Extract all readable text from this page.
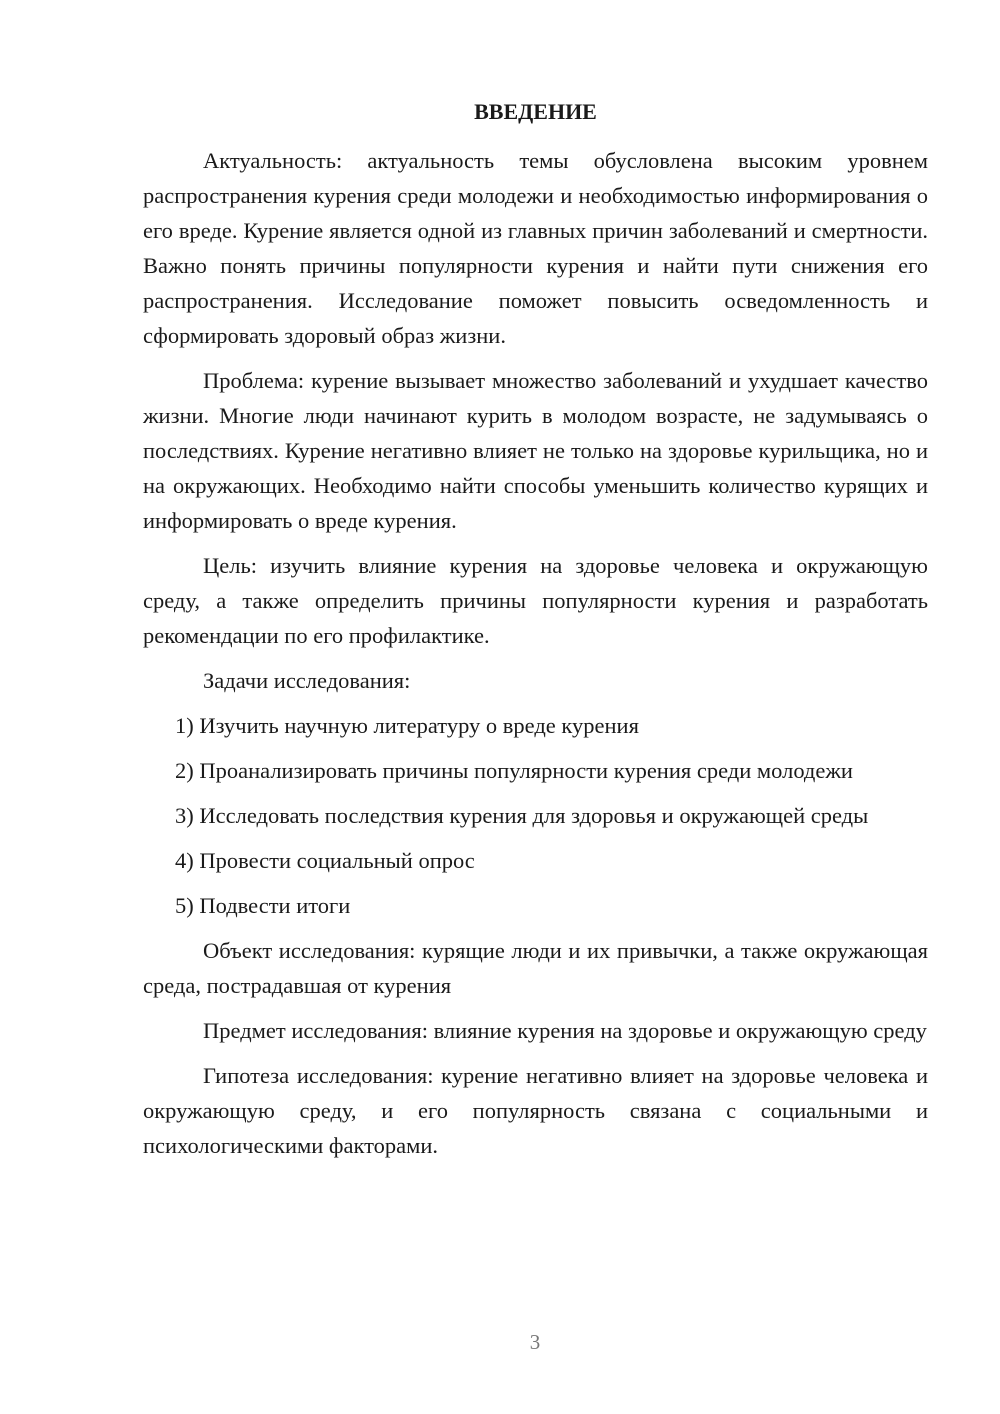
ВВЕДЕНИЕ

Актуальность: актуальность темы обусловлена высоким уровнем распространения курения среди молодежи и необходимостью информирования о его вреде. Курение является одной из главных причин заболеваний и смертности. Важно понять причины популярности курения и найти пути снижения его распространения. Исследование поможет повысить осведомленность и сформировать здоровый образ жизни.

Проблема: курение вызывает множество заболеваний и ухудшает качество жизни. Многие люди начинают курить в молодом возрасте, не задумываясь о последствиях. Курение негативно влияет не только на здоровье курильщика, но и на окружающих. Необходимо найти способы уменьшить количество курящих и информировать о вреде курения.

Цель: изучить влияние курения на здоровье человека и окружающую среду, а также определить причины популярности курения и разработать рекомендации по его профилактике.

Задачи исследования:

1) Изучить научную литературу о вреде курения

2) Проанализировать причины популярности курения среди молодежи

3) Исследовать последствия курения для здоровья и окружающей среды

4) Провести социальный опрос

5) Подвести итоги

Объект исследования: курящие люди и их привычки, а также окружающая среда, пострадавшая от курения

Предмет исследования: влияние курения на здоровье и окружающую среду

Гипотеза исследования: курение негативно влияет на здоровье человека и окружающую среду, и его популярность связана с социальными и психологическими факторами.

3
